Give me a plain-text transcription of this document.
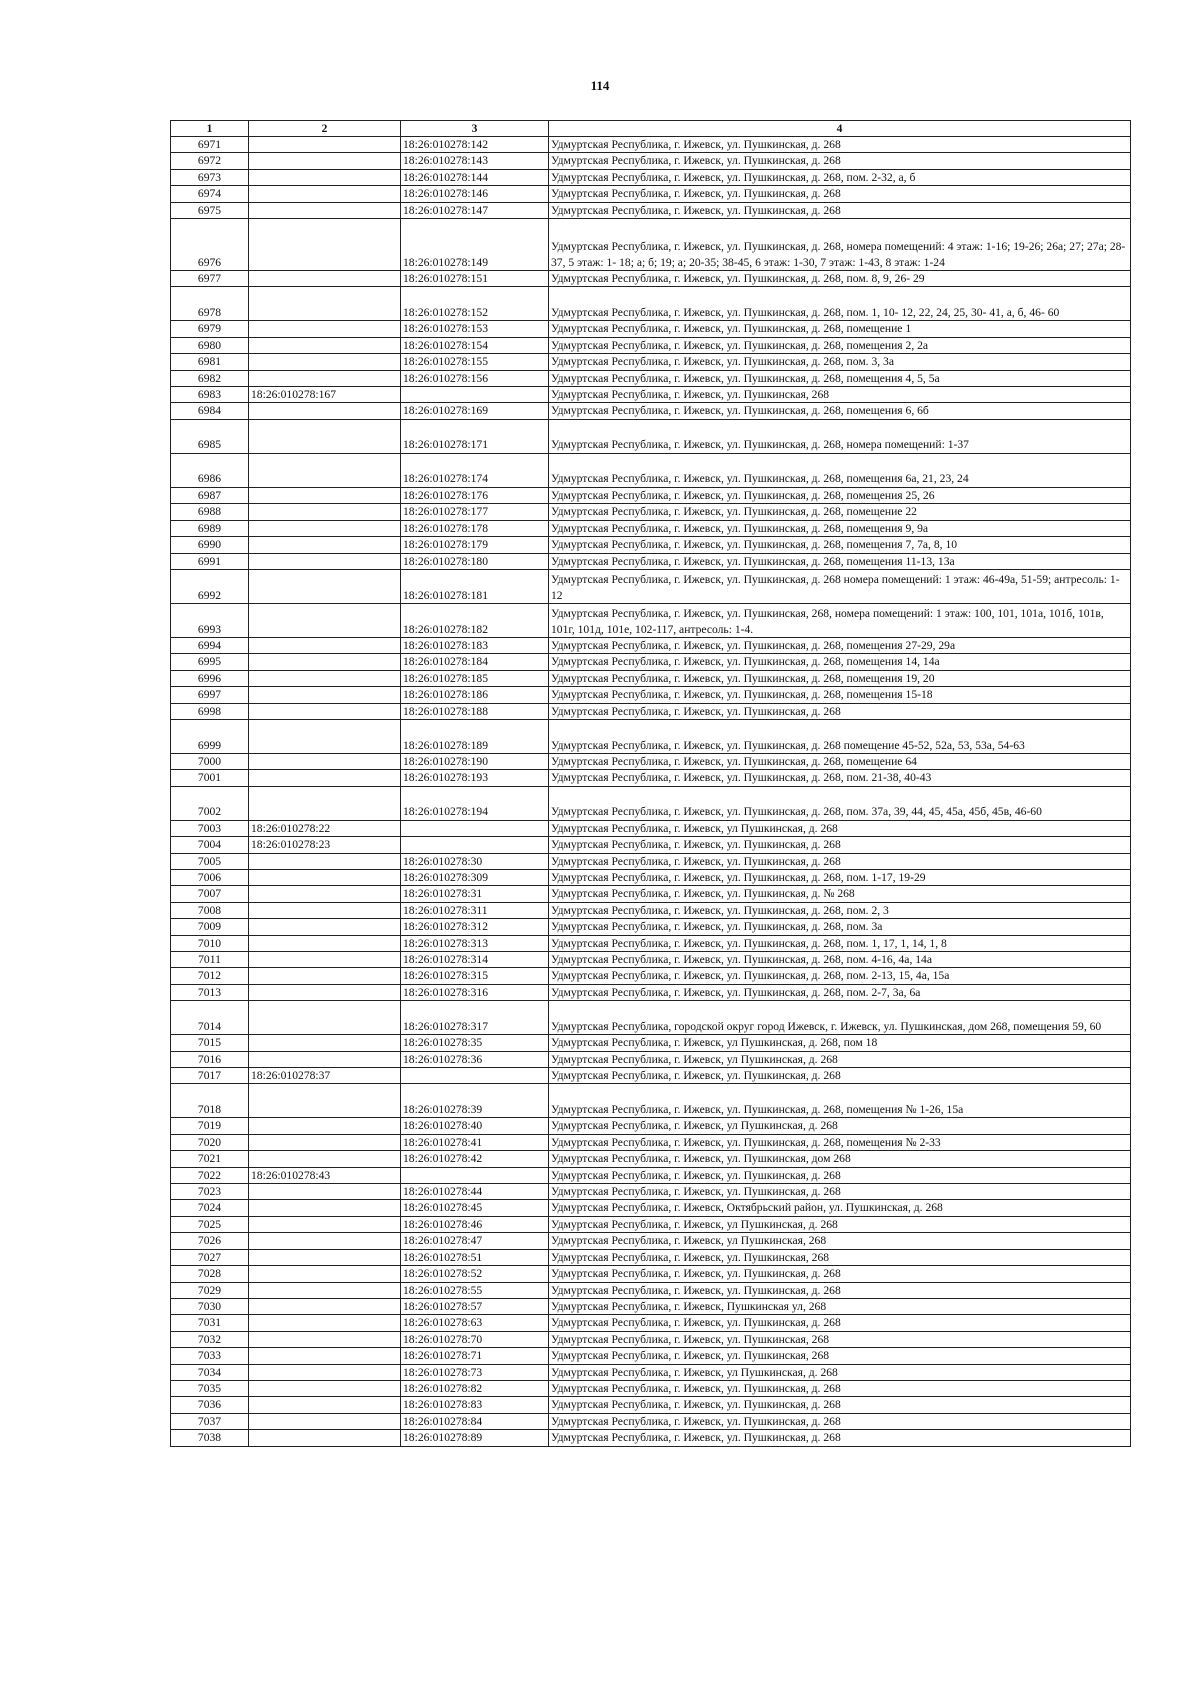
114
1	2	3	4
6971		18:26:010278:142	Удмуртская Республика, г. Ижевск, ул. Пушкинская, д. 268
6972		18:26:010278:143	Удмуртская Республика, г. Ижевск, ул. Пушкинская, д. 268
6973		18:26:010278:144	Удмуртская Республика, г. Ижевск, ул. Пушкинская, д. 268, пом. 2-32, а, б
6974		18:26:010278:146	Удмуртская Республика, г. Ижевск, ул. Пушкинская, д. 268
6975		18:26:010278:147	Удмуртская Республика, г. Ижевск, ул. Пушкинская, д. 268
6976		18:26:010278:149	Удмуртская Республика, г. Ижевск, ул. Пушкинская, д. 268, номера помещений: 4 этаж: 1-16; 19-26; 26а; 27; 27а; 28-37, 5 этаж: 1- 18; а; б; 19; а; 20-35; 38-45, 6 этаж: 1-30, 7 этаж: 1-43, 8 этаж: 1-24
6977		18:26:010278:151	Удмуртская Республика, г. Ижевск, ул. Пушкинская, д. 268, пом. 8, 9, 26- 29
6978		18:26:010278:152	Удмуртская Республика, г. Ижевск, ул. Пушкинская, д. 268, пом. 1, 10- 12, 22, 24, 25, 30- 41, а, б, 46- 60
6979		18:26:010278:153	Удмуртская Республика, г. Ижевск, ул. Пушкинская, д. 268, помещение 1
6980		18:26:010278:154	Удмуртская Республика, г. Ижевск, ул. Пушкинская, д. 268, помещения 2, 2а
6981		18:26:010278:155	Удмуртская Республика, г. Ижевск, ул. Пушкинская, д. 268, пом. 3, 3а
6982		18:26:010278:156	Удмуртская Республика, г. Ижевск, ул. Пушкинская, д. 268, помещения 4, 5, 5а
6983	18:26:010278:167		Удмуртская Республика, г. Ижевск, ул. Пушкинская, 268
6984		18:26:010278:169	Удмуртская Республика, г. Ижевск, ул. Пушкинская, д. 268, помещения 6, 6б
6985		18:26:010278:171	Удмуртская Республика, г. Ижевск, ул. Пушкинская, д. 268, номера помещений: 1-37
6986		18:26:010278:174	Удмуртская Республика, г. Ижевск, ул. Пушкинская, д. 268, помещения 6а, 21, 23, 24
6987		18:26:010278:176	Удмуртская Республика, г. Ижевск, ул. Пушкинская, д. 268, помещения 25, 26
6988		18:26:010278:177	Удмуртская Республика, г. Ижевск, ул. Пушкинская, д. 268, помещение 22
6989		18:26:010278:178	Удмуртская Республика, г. Ижевск, ул. Пушкинская, д. 268, помещения 9, 9а
6990		18:26:010278:179	Удмуртская Республика, г. Ижевск, ул. Пушкинская, д. 268, помещения 7, 7а, 8, 10
6991		18:26:010278:180	Удмуртская Республика, г. Ижевск, ул. Пушкинская, д. 268, помещения 11-13, 13а
6992		18:26:010278:181	Удмуртская Республика, г. Ижевск, ул. Пушкинская, д. 268 номера помещений: 1 этаж: 46-49а, 51-59; антресоль: 1-12
6993		18:26:010278:182	Удмуртская Республика, г. Ижевск, ул. Пушкинская, 268, номера помещений: 1 этаж: 100, 101, 101а, 101б, 101в, 101г, 101д, 101е, 102-117, антресоль: 1-4.
6994		18:26:010278:183	Удмуртская Республика, г. Ижевск, ул. Пушкинская, д. 268, помещения 27-29, 29а
6995		18:26:010278:184	Удмуртская Республика, г. Ижевск, ул. Пушкинская, д. 268, помещения 14, 14а
6996		18:26:010278:185	Удмуртская Республика, г. Ижевск, ул. Пушкинская, д. 268, помещения 19, 20
6997		18:26:010278:186	Удмуртская Республика, г. Ижевск, ул. Пушкинская, д. 268, помещения 15-18
6998		18:26:010278:188	Удмуртская Республика, г. Ижевск, ул. Пушкинская, д. 268
6999		18:26:010278:189	Удмуртская Республика, г. Ижевск, ул. Пушкинская, д. 268 помещение 45-52, 52а, 53, 53а, 54-63
7000		18:26:010278:190	Удмуртская Республика, г. Ижевск, ул. Пушкинская, д. 268, помещение 64
7001		18:26:010278:193	Удмуртская Республика, г. Ижевск, ул. Пушкинская, д. 268, пом. 21-38, 40-43
7002		18:26:010278:194	Удмуртская Республика, г. Ижевск, ул. Пушкинская, д. 268, пом. 37а, 39, 44, 45, 45а, 45б, 45в, 46-60
7003	18:26:010278:22		Удмуртская Республика, г. Ижевск, ул Пушкинская, д. 268
7004	18:26:010278:23		Удмуртская Республика, г. Ижевск, ул. Пушкинская, д. 268
7005		18:26:010278:30	Удмуртская Республика, г. Ижевск, ул. Пушкинская, д. 268
7006		18:26:010278:309	Удмуртская Республика, г. Ижевск, ул. Пушкинская, д. 268, пом. 1-17, 19-29
7007		18:26:010278:31	Удмуртская Республика, г. Ижевск, ул. Пушкинская, д. № 268
7008		18:26:010278:311	Удмуртская Республика, г. Ижевск, ул. Пушкинская, д. 268, пом. 2, 3
7009		18:26:010278:312	Удмуртская Республика, г. Ижевск, ул. Пушкинская, д. 268, пом. 3а
7010		18:26:010278:313	Удмуртская Республика, г. Ижевск, ул. Пушкинская, д. 268, пом. 1, 17, 1, 14, 1, 8
7011		18:26:010278:314	Удмуртская Республика, г. Ижевск, ул. Пушкинская, д. 268, пом. 4-16, 4а, 14а
7012		18:26:010278:315	Удмуртская Республика, г. Ижевск, ул. Пушкинская, д. 268, пом. 2-13, 15, 4а, 15а
7013		18:26:010278:316	Удмуртская Республика, г. Ижевск, ул. Пушкинская, д. 268, пом. 2-7, 3а, 6а
7014		18:26:010278:317	Удмуртская Республика, городской округ город Ижевск, г. Ижевск, ул. Пушкинская, дом 268, помещения 59, 60
7015		18:26:010278:35	Удмуртская Республика, г. Ижевск, ул Пушкинская, д. 268, пом 18
7016		18:26:010278:36	Удмуртская Республика, г. Ижевск, ул Пушкинская, д. 268
7017	18:26:010278:37		Удмуртская Республика, г. Ижевск, ул. Пушкинская, д. 268
7018		18:26:010278:39	Удмуртская Республика, г. Ижевск, ул. Пушкинская, д. 268, помещения № 1-26, 15а
7019		18:26:010278:40	Удмуртская Республика, г. Ижевск, ул Пушкинская, д. 268
7020		18:26:010278:41	Удмуртская Республика, г. Ижевск, ул. Пушкинская, д. 268, помещения № 2-33
7021		18:26:010278:42	Удмуртская Республика, г. Ижевск, ул. Пушкинская, дом 268
7022	18:26:010278:43		Удмуртская Республика, г. Ижевск, ул. Пушкинская, д. 268
7023		18:26:010278:44	Удмуртская Республика, г. Ижевск, ул. Пушкинская, д. 268
7024		18:26:010278:45	Удмуртская Республика, г. Ижевск, Октябрьский район, ул. Пушкинская, д. 268
7025		18:26:010278:46	Удмуртская Республика, г. Ижевск, ул Пушкинская, д. 268
7026		18:26:010278:47	Удмуртская Республика, г. Ижевск, ул Пушкинская, 268
7027		18:26:010278:51	Удмуртская Республика, г. Ижевск, ул. Пушкинская, 268
7028		18:26:010278:52	Удмуртская Республика, г. Ижевск, ул. Пушкинская, д. 268
7029		18:26:010278:55	Удмуртская Республика, г. Ижевск, ул. Пушкинская, д. 268
7030		18:26:010278:57	Удмуртская Республика, г. Ижевск, Пушкинская ул, 268
7031		18:26:010278:63	Удмуртская Республика, г. Ижевск, ул. Пушкинская, д. 268
7032		18:26:010278:70	Удмуртская Республика, г. Ижевск, ул. Пушкинская, 268
7033		18:26:010278:71	Удмуртская Республика, г. Ижевск, ул. Пушкинская, 268
7034		18:26:010278:73	Удмуртская Республика, г. Ижевск, ул Пушкинская, д. 268
7035		18:26:010278:82	Удмуртская Республика, г. Ижевск, ул. Пушкинская, д. 268
7036		18:26:010278:83	Удмуртская Республика, г. Ижевск, ул. Пушкинская, д. 268
7037		18:26:010278:84	Удмуртская Республика, г. Ижевск, ул. Пушкинская, д. 268
7038		18:26:010278:89	Удмуртская Республика, г. Ижевск, ул. Пушкинская, д. 268
